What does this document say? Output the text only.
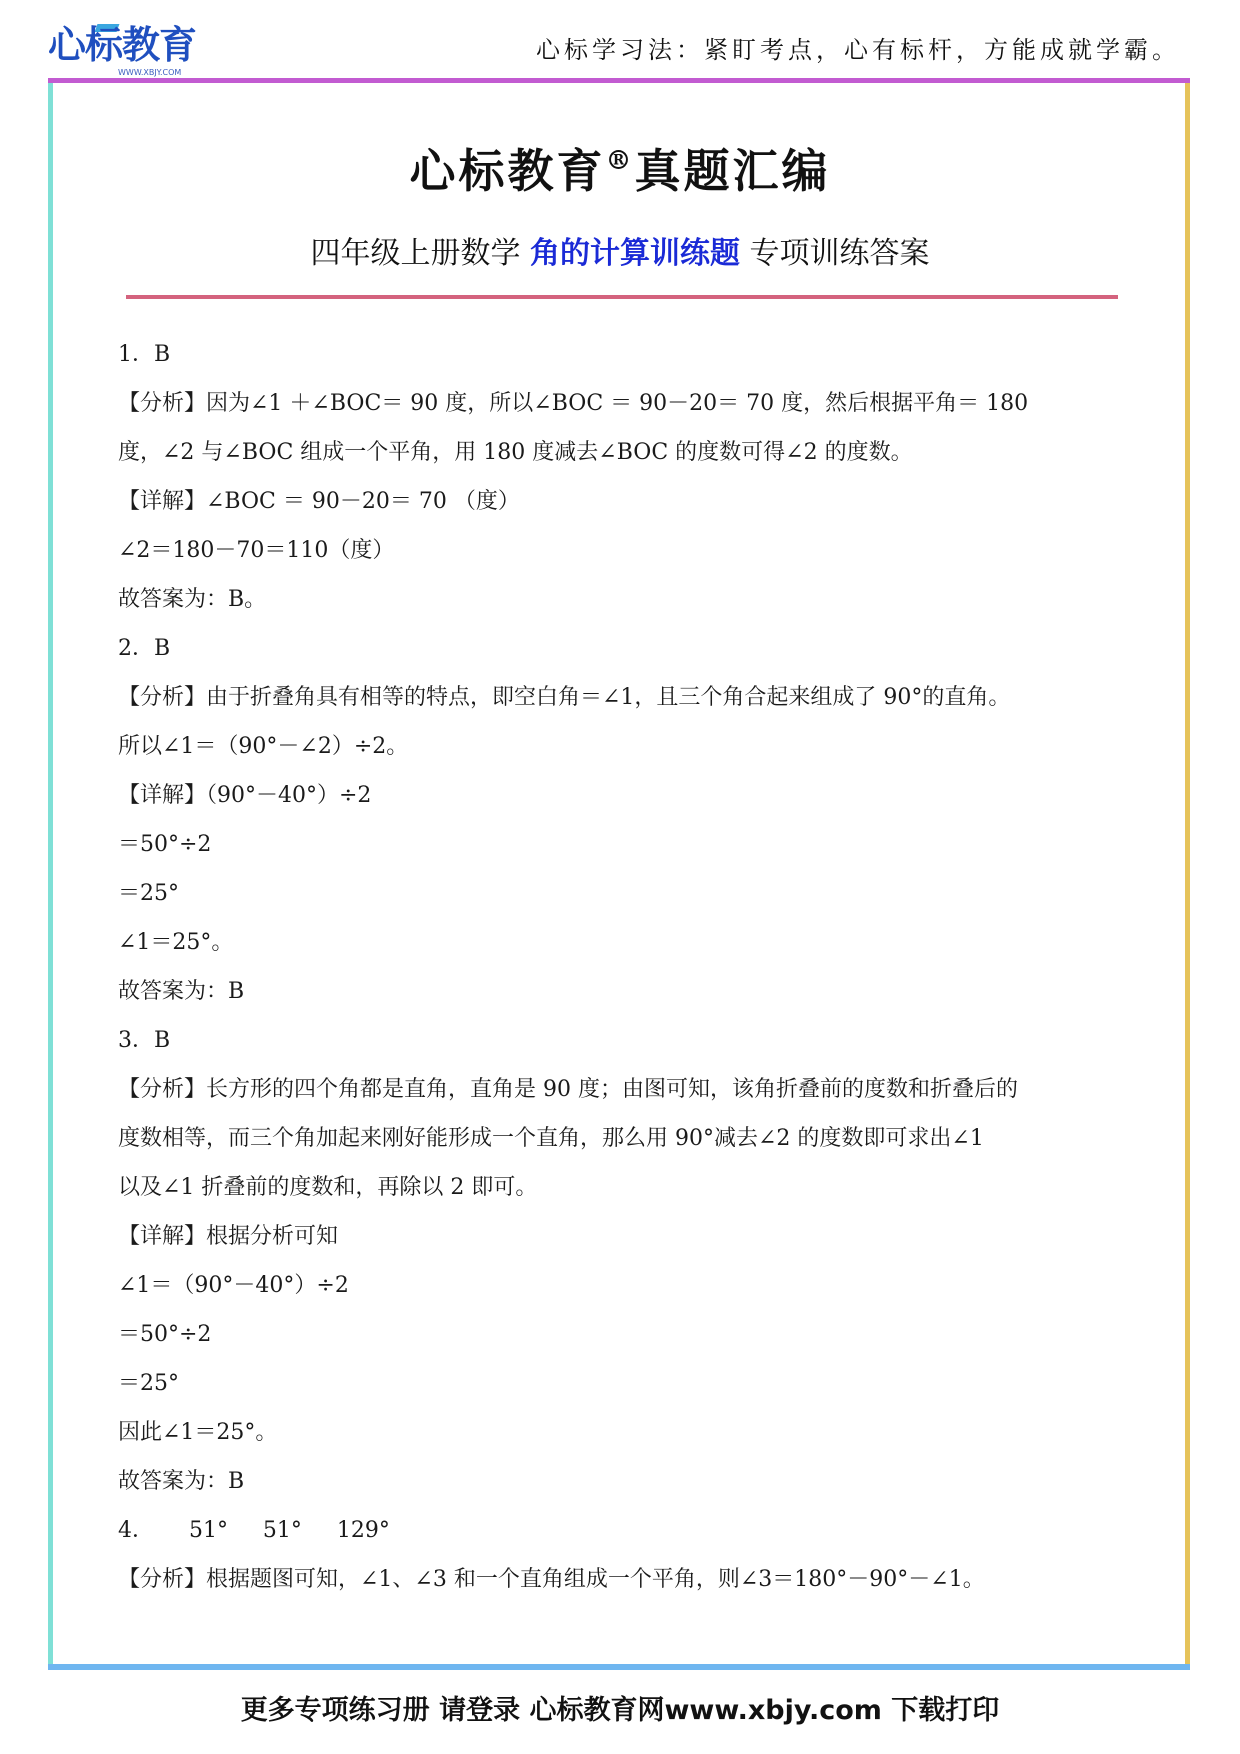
心标教育
WWW.XBJY.COM
心标学习法：紧盯考点，心有标杆，方能成就学霸。
心标教育®真题汇编
四年级上册数学 角的计算训练题 专项训练答案
1．B
【分析】因为∠1 ＋∠BOC＝ 90 度，所以∠BOC ＝ 90－20＝ 70 度，然后根据平角＝ 180
度，∠2 与∠BOC 组成一个平角，用 180 度减去∠BOC 的度数可得∠2 的度数。
【详解】∠BOC ＝ 90－20＝ 70 （度）
∠2＝180－70＝110（度）
故答案为：B。
2．B
【分析】由于折叠角具有相等的特点，即空白角＝∠1，且三个角合起来组成了 90°的直角。
所以∠1＝（90°－∠2）÷2。
【详解】（90°－40°）÷2
＝50°÷2
＝25°
∠1＝25°。
故答案为：B
3．B
【分析】长方形的四个角都是直角，直角是 90 度；由图可知，该角折叠前的度数和折叠后的
度数相等，而三个角加起来刚好能形成一个直角，那么用 90°减去∠2 的度数即可求出∠1
以及∠1 折叠前的度数和，再除以 2 即可。
【详解】根据分析可知
∠1＝（90°－40°）÷2
＝50°÷2
＝25°
因此∠1＝25°。
故答案为：B
4．     51°     51°     129°
【分析】根据题图可知，∠1、∠3 和一个直角组成一个平角，则∠3＝180°－90°－∠1。
更多专项练习册 请登录 心标教育网www.xbjy.com 下载打印
